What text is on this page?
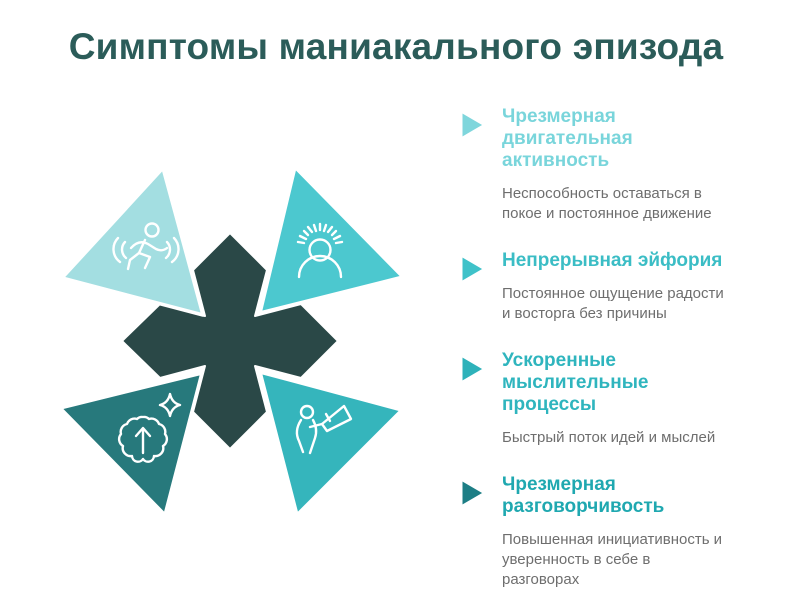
Симптомы маниакального эпизода

Чрезмерная двигательная активность

Неспособность оставаться в покое и постоянное движение

Непрерывная эйфория

Постоянное ощущение радости и восторга без причины

Ускоренные мыслительные процессы

Быстрый поток идей и мыслей

Чрезмерная разговорчивость

Повышенная инициативность и уверенность в себе в разговорах
